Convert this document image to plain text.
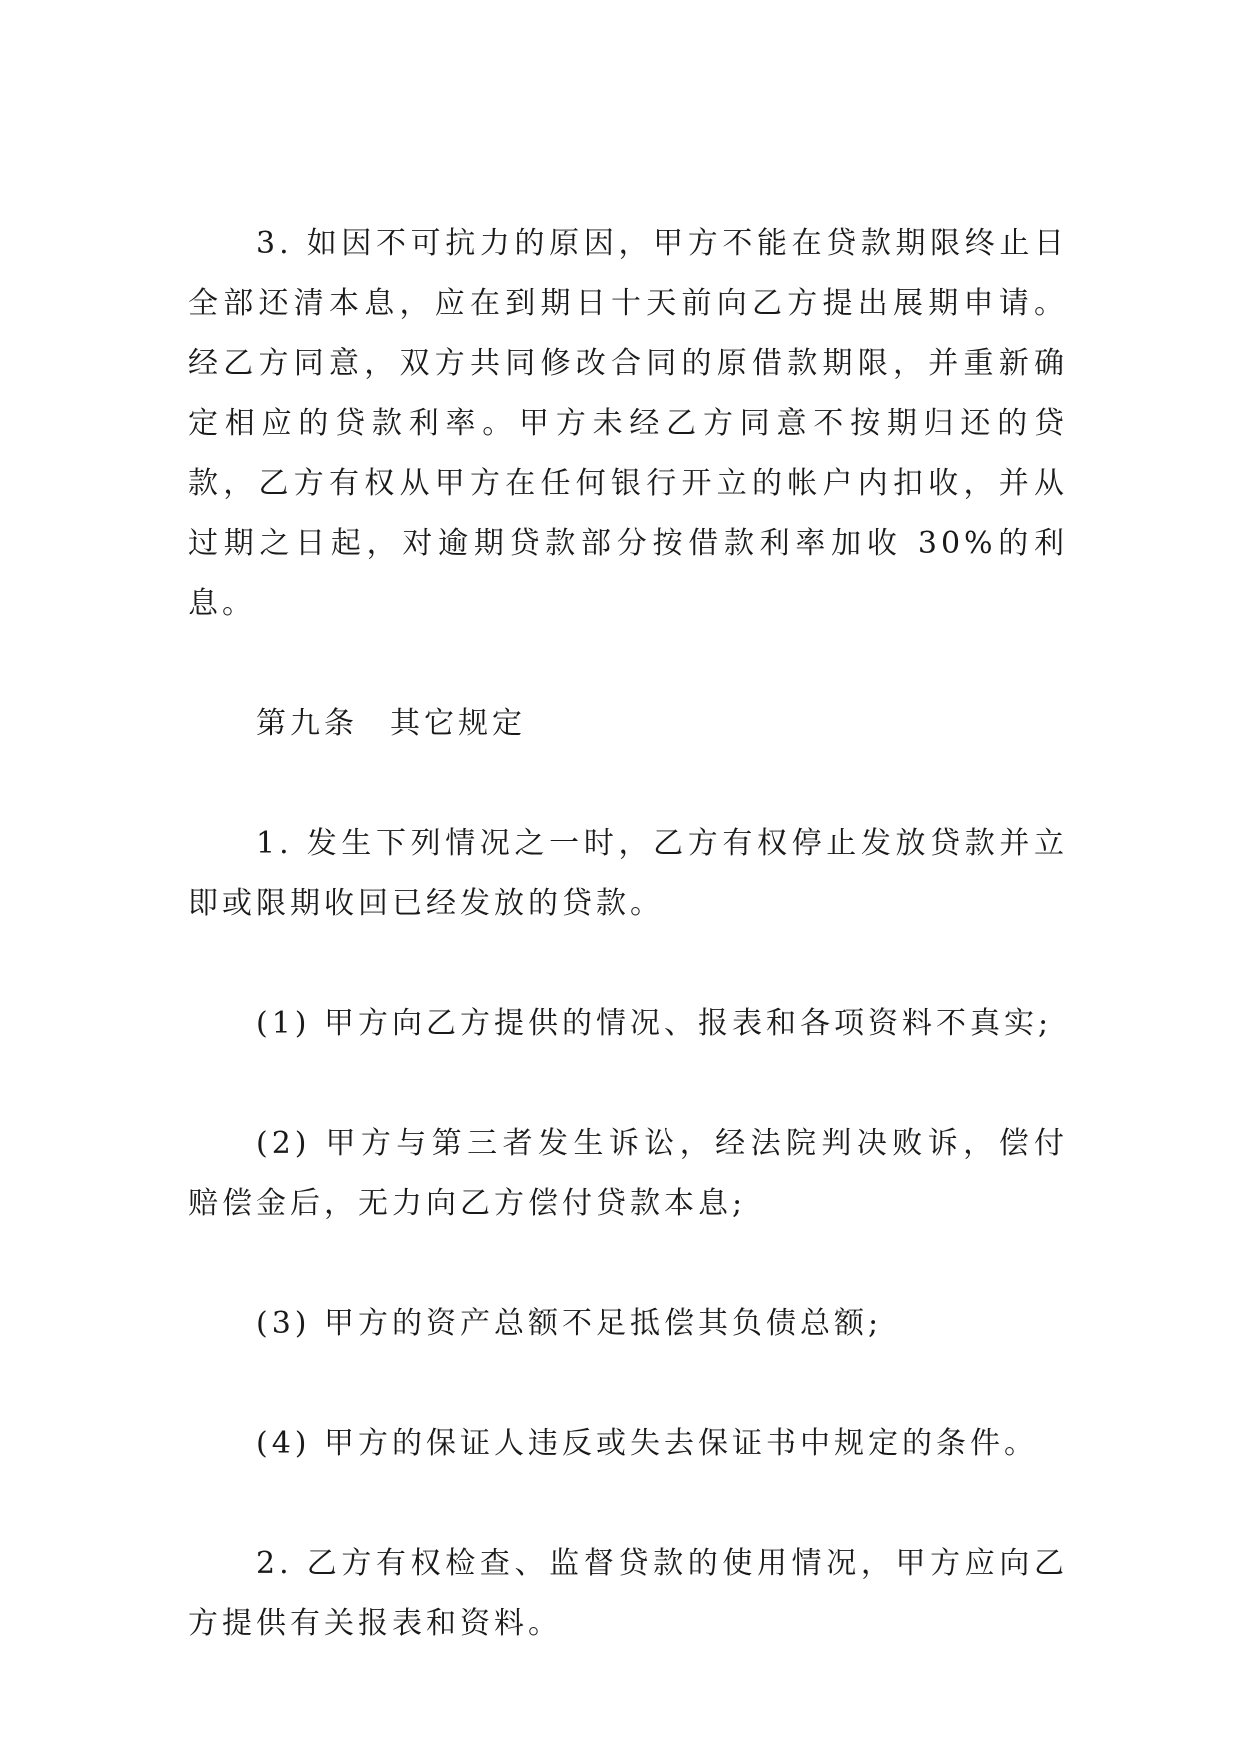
3. 如因不可抗力的原因，甲方不能在贷款期限终止日全部还清本息，应在到期日十天前向乙方提出展期申请。经乙方同意，双方共同修改合同的原借款期限，并重新确定相应的贷款利率。甲方未经乙方同意不按期归还的贷款，乙方有权从甲方在任何银行开立的帐户内扣收，并从过期之日起，对逾期贷款部分按借款利率加收 30%的利息。

第九条 其它规定

1. 发生下列情况之一时，乙方有权停止发放贷款并立即或限期收回已经发放的贷款。

(1) 甲方向乙方提供的情况、报表和各项资料不真实;

(2) 甲方与第三者发生诉讼，经法院判决败诉，偿付赔偿金后，无力向乙方偿付贷款本息;

(3) 甲方的资产总额不足抵偿其负债总额;

(4) 甲方的保证人违反或失去保证书中规定的条件。

2. 乙方有权检查、监督贷款的使用情况，甲方应向乙方提供有关报表和资料。
